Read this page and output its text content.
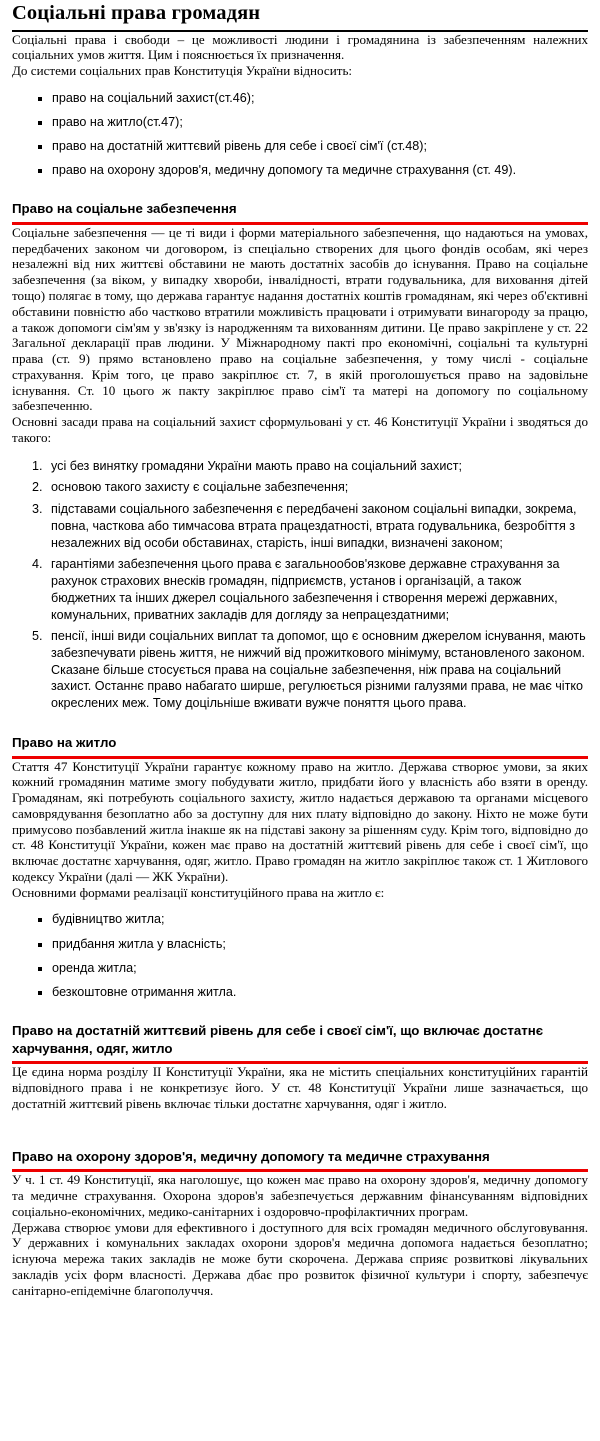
Соціальні права громадян

Соціальні права і свободи – це можливості людини і громадянина із забезпеченням належних соціальних умов життя. Цим і пояснюється їх призначення.

До системи соціальних прав Конституція України відносить:

право на соціальний захист(ст.46);
право на житло(ст.47);
право на достатній життєвий рівень для себе і своєї сім'ї (ст.48);
право на охорону здоров'я, медичну допомогу та медичне страхування (ст. 49).
Право на соціальне забезпечення

Соціальне забезпечення — це ті види і форми матеріального забезпечення, що надаються на умовах, передбачених законом чи договором, із спеціально створених для цього фондів особам, які через незалежні від них життєві обставини не мають достатніх засобів до існування. Право на соціальне забезпечення (за віком, у випадку хвороби, інвалідності, втрати годувальника, для виховання дітей тощо) полягає в тому, що держава гарантує надання достатніх коштів громадянам, які через об'єктивні обставини повністю або частково втратили можливість працювати і отримувати винагороду за працю, а також допомоги сім'ям у зв'язку із народженням та вихованням дитини. Це право закріплене у ст. 22 Загальної декларації прав людини. У Міжнародному пакті про економічні, соціальні та культурні права (ст. 9) прямо встановлено право на соціальне забезпечення, у тому числі - соціальне страхування. Крім того, це право закріплює ст. 7, в якій проголошується право на задовільне існування. Ст. 10 цього ж пакту закріплює право сім'ї та матері на допомогу по соціальному забезпеченню.

Основні засади права на соціальний захист сформульовані у ст. 46 Конституції України і зводяться до такого:

усі без винятку громадяни України мають право на соціальний захист;
основою такого захисту є соціальне забезпечення;
підставами соціального забезпечення є передбачені законом соціальні випадки, зокрема, повна, часткова або тимчасова втрата працездатності, втрата годувальника, безробіття з незалежних від особи обставинах, старість, інші випадки, визначені законом;
гарантіями забезпечення цього права є загальнообов'язкове державне страхування за рахунок страхових внесків громадян, підприємств, установ і організацій, а також бюджетних та інших джерел соціального забезпечення і створення мережі державних, комунальних, приватних закладів для догляду за непрацездатними;
пенсії, інші види соціальних виплат та допомог, що є основним джерелом існування, мають забезпечувати рівень життя, не нижчий від прожиткового мінімуму, встановленого законом. Сказане більше стосується права на соціальне забезпечення, ніж права на соціальний захист. Останнє право набагато ширше, регулюється різними галузями права, не має чітко окреслених меж. Тому доцільніше вживати вужче поняття цього права.
Право на житло

Стаття 47 Конституції України гарантує кожному право на житло. Держава створює умови, за яких кожний громадянин матиме змогу побудувати житло, придбати його у власність або взяти в оренду. Громадянам, які потребують соціального захисту, житло надається державою та органами місцевого самоврядування безоплатно або за доступну для них плату відповідно до закону. Ніхто не може бути примусово позбавлений житла інакше як на підставі закону за рішенням суду. Крім того, відповідно до ст. 48 Конституції України, кожен має право на достатній життєвий рівень для себе і своєї сім'ї, що включає достатнє харчування, одяг, житло. Право громадян на житло закріплює також ст. 1 Житлового кодексу України (далі — ЖК України).

Основними формами реалізації конституційного права на житло є:

будівництво житла;
придбання житла у власність;
оренда житла;
безкоштовне отримання житла.
Право на достатній життєвий рівень для себе і своєї сім'ї, що включає достатнє харчування, одяг, житло

Це єдина норма розділу II Конституції України, яка не містить спеціальних конституційних гарантій відповідного права і не конкретизує його. У ст. 48 Конституції України лише зазначається, що достатній життєвий рівень включає тільки достатнє харчування, одяг і житло.

Право на охорону здоров'я, медичну допомогу та медичне страхування

У ч. 1 ст. 49 Конституції, яка наголошує, що кожен має право на охорону здоров'я, медичну допомогу та медичне страхування. Охорона здоров'я забезпечується державним фінансуванням відповідних соціально-економічних, медико-санітарних і оздоровчо-профілактичних програм.

Держава створює умови для ефективного і доступного для всіх громадян медичного обслуговування. У державних і комунальних закладах охорони здоров'я медична допомога надається безоплатно; існуюча мережа таких закладів не може бути скорочена. Держава сприяє розвиткові лікувальних закладів усіх форм власності. Держава дбає про розвиток фізичної культури і спорту, забезпечує санітарно-епідемічне благополуччя.
